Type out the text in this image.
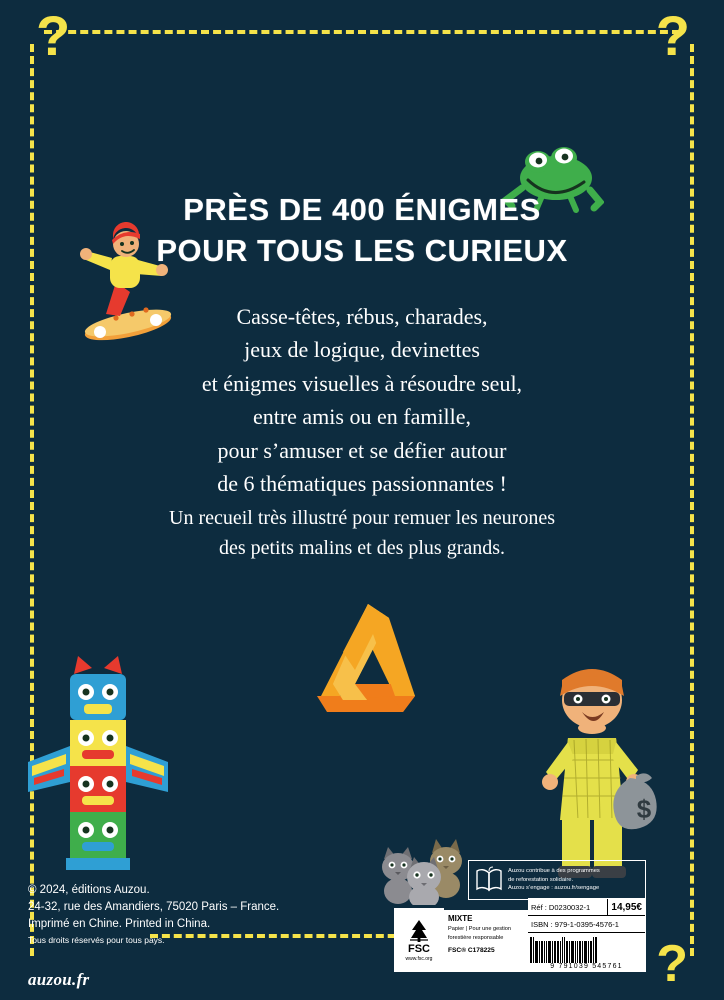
?	?
?
PRÈS DE 400 ÉNIGMES
POUR TOUS LES CURIEUX
Casse-têtes, rébus, charades,
jeux de logique, devinettes
et énigmes visuelles à résoudre seul,
entre amis ou en famille,
pour s’amuser et se défier autour
de 6 thématiques passionnantes !
Un recueil très illustré pour remuer les neurones
des petits malins et des plus grands.
$
Auzou contribue à des programmes
de reforestation solidaire.
Auzou s’engage : auzou.fr/sengage
FSC
www.fsc.org
MIXTE
Papier | Pour une gestion
forestière responsable
FSC® C178225
Réf : D0230032-1	14,95€
ISBN : 979-1-0395-4576-1
9 791039 545761
© 2024, éditions Auzou.
24-32, rue des Amandiers, 75020 Paris – France.
Imprimé en Chine. Printed in China.
Tous droits réservés pour tous pays.
auzou.fr
